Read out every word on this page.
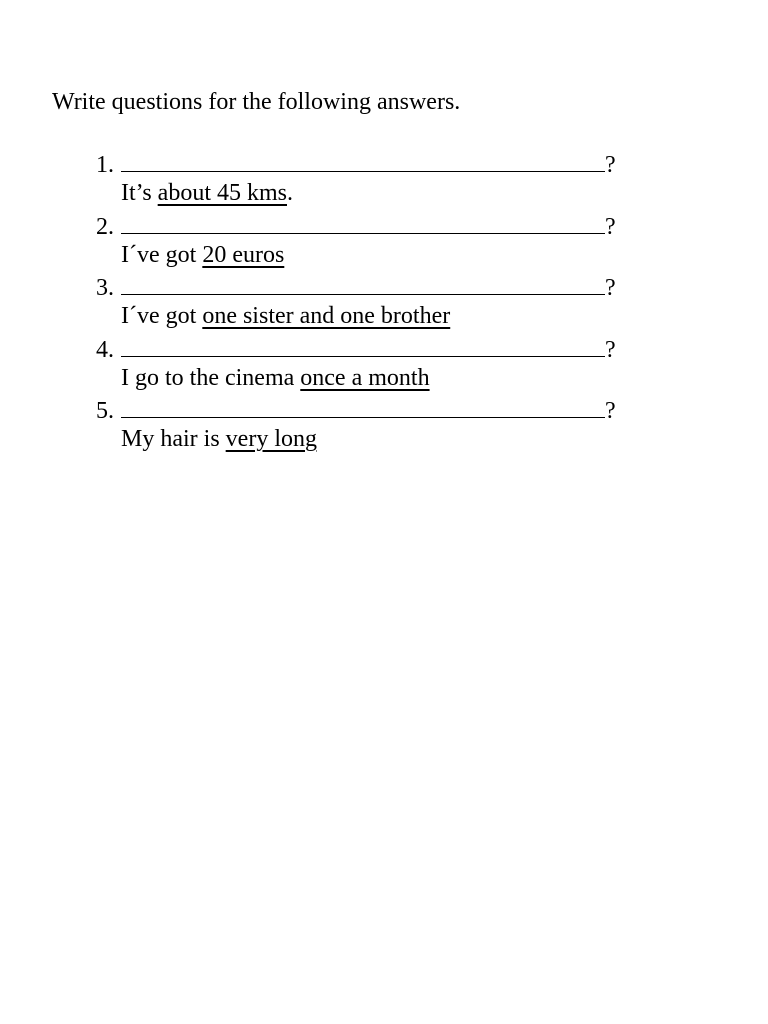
Write questions for the following answers.
1.	?
It’s about 45 kms.
2.	?
I´ve got 20 euros
3.	?
I´ve got one sister and one brother
4.	?
I go to the cinema once a month
5.	?
My hair is very long
